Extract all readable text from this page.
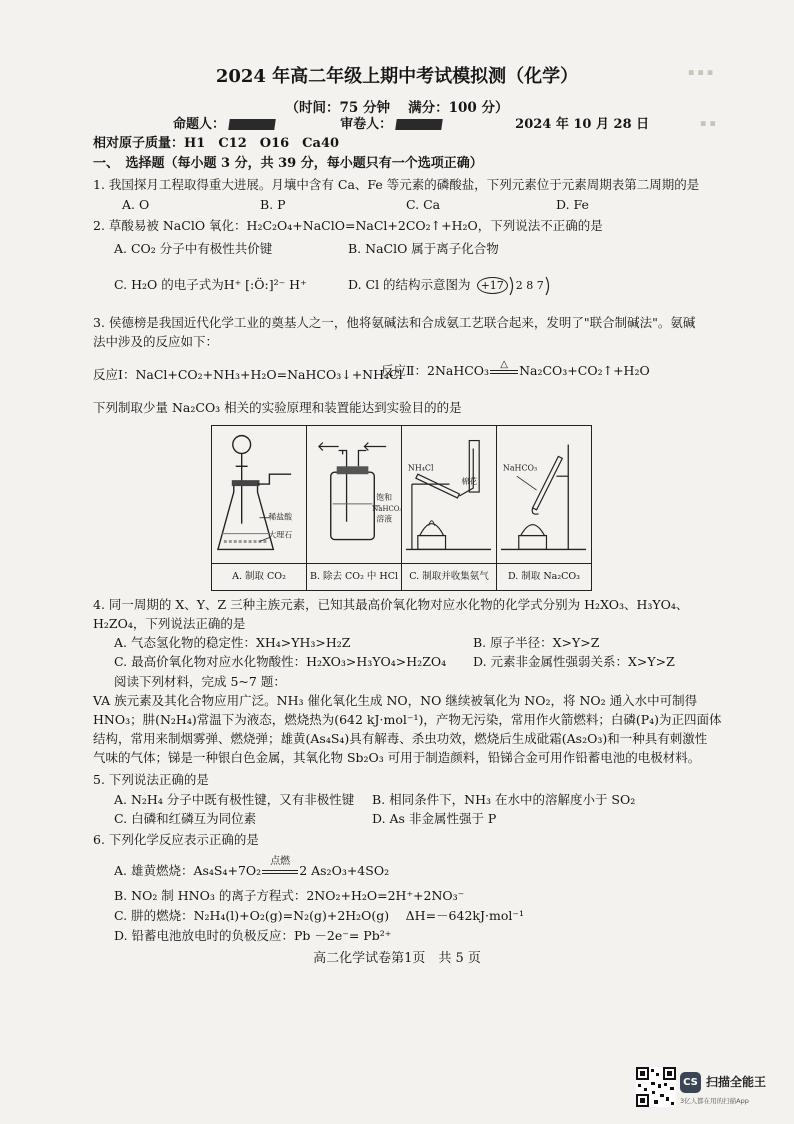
▪ ▪ ▪
▪ ▪
2024 年高二年级上期中考试模拟测（化学）
（时间：75 分钟　 满分：100 分）
命题人：	审卷人：	2024 年 10 月 28 日
相对原子质量：H1　C12　O16　Ca40
一、　选择题（每小题 3 分，共 39 分，每小题只有一个选项正确）
1. 我国探月工程取得重大进展。月壤中含有 Ca、Fe 等元素的磷酸盐，下列元素位于元素周期表第二周期的是
A. O	B. P	C. Ca	D. Fe
2. 草酸易被 NaClO 氧化：H₂C₂O₄+NaClO=NaCl+2CO₂↑+H₂O，下列说法不正确的是
A. CO₂ 分子中有极性共价键	B. NaClO 属于离子化合物
C. H₂O 的电子式为H⁺ [:Ö:]²⁻ H⁺	D. Cl 的结构示意图为 +17 2 8 7
3. 侯德榜是我国近代化学工业的奠基人之一，他将氨碱法和合成氨工艺联合起来，发明了"联合制碱法"。氨碱
法中涉及的反应如下：
反应Ⅰ：NaCl+CO₂+NH₃+H₂O=NaHCO₃↓+NH₄Cl
反应Ⅱ：2NaHCO₃	△ Na₂CO₃+CO₂↑+H₂O
下列制取少量 Na₂CO₃ 相关的实验原理和装置能达到实验目的的是
稀盐酸
大理石
A. 制取 CO₂
饱和
NaHCO₃
溶液
B. 除去 CO₂ 中 HCl
NH₄Cl
棉花
C. 制取并收集氨气
NaHCO₃
D. 制取 Na₂CO₃
4. 同一周期的 X、Y、Z 三种主族元素，已知其最高价氧化物对应水化物的化学式分别为 H₂XO₃、H₃YO₄、
H₂ZO₄，下列说法正确的是
A. 气态氢化物的稳定性：XH₄>YH₃>H₂Z	B. 原子半径：X>Y>Z
C. 最高价氧化物对应水化物酸性：H₂XO₃>H₃YO₄>H₂ZO₄ D. 元素非金属性强弱关系：X>Y>Z
阅读下列材料，完成 5~7 题：
VA 族元素及其化合物应用广泛。NH₃ 催化氧化生成 NO，NO 继续被氧化为 NO₂，将 NO₂ 通入水中可制得
HNO₃；肼(N₂H₄)常温下为液态，燃烧热为(642 kJ·mol⁻¹)，产物无污染，常用作火箭燃料；白磷(P₄)为正四面体
结构，常用来制烟雾弹、燃烧弹；雄黄(As₄S₄)具有解毒、杀虫功效，燃烧后生成砒霜(As₂O₃)和一种具有刺激性
气味的气体；锑是一种银白色金属，其氧化物 Sb₂O₃ 可用于制造颜料，铅锑合金可用作铅蓄电池的电极材料。
5. 下列说法正确的是
A. N₂H₄ 分子中既有极性键，又有非极性键 B. 相同条件下，NH₃ 在水中的溶解度小于 SO₂
C. 白磷和红磷互为同位素	D. As 非金属性强于 P
6. 下列化学反应表示正确的是
A. 雄黄燃烧：As₄S₄+7O₂
点燃
2 As₂O₃+4SO₂
B. NO₂ 制 HNO₃ 的离子方程式：2NO₂+H₂O=2H⁺+2NO₃⁻
C. 肼的燃烧：N₂H₄(l)+O₂(g)=N₂(g)+2H₂O(g)　 ΔH=－642kJ·mol⁻¹
D. 铅蓄电池放电时的负极反应：Pb －2e⁻= Pb²⁺
高二化学试卷第1页　共 5 页
CS 扫描全能王
3亿人都在用的扫描App
